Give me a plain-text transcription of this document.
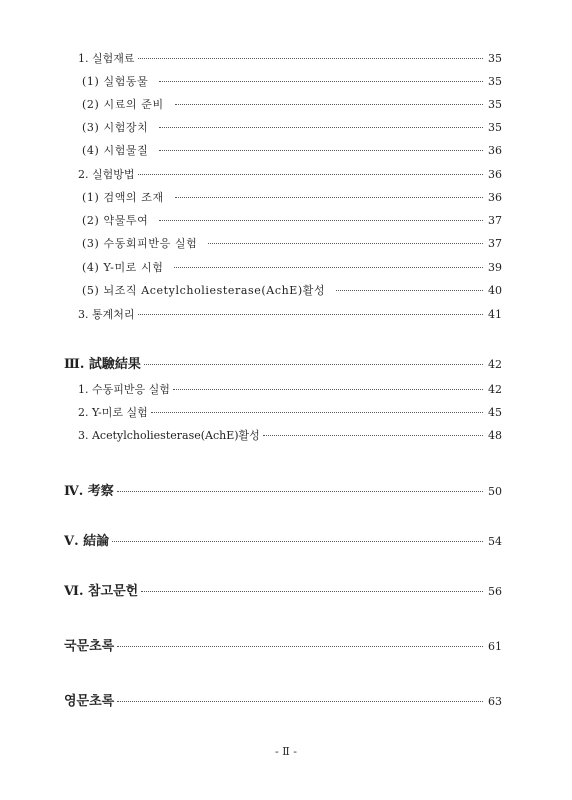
1. 실험재료	35
(1) 실험동물	35
(2) 시료의 준비	35
(3) 시험장치	35
(4) 시험물질	36
2. 실험방법	36
(1) 검액의 조재	36
(2) 약물투여	37
(3) 수동회피반응 실험	37
(4) Y-미로 시험	39
(5) 뇌조직 Acetylcholiesterase(AchE)활성	40
3. 통계처리	41
Ⅲ. 試驗結果	42
1. 수동피반응 실험	42
2. Y-미로 실험	45
3. Acetylcholiesterase(AchE)활성	48
Ⅳ. 考察	50
Ⅴ. 結論	54
Ⅵ. 참고문헌	56
국문초록	61
영문초록	63
- Ⅱ -
